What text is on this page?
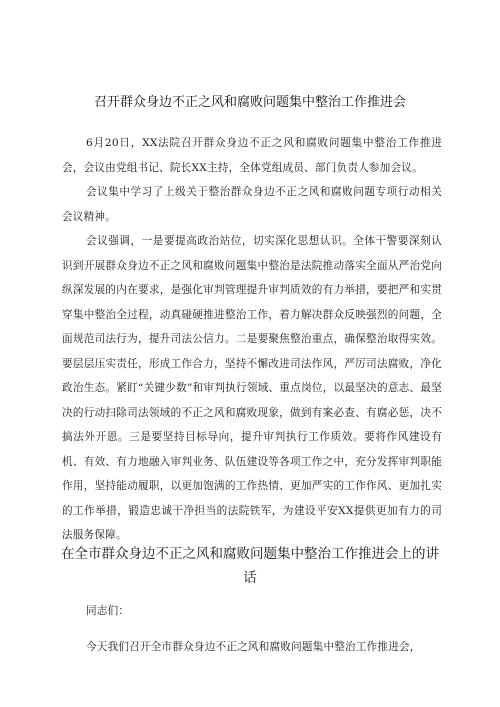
召开群众身边不正之风和腐败问题集中整治工作推进会

6月20日，XX法院召开群众身边不正之风和腐败问题集中整治工作推进会，会议由党组书记、院长XX主持，全体党组成员、部门负责人参加会议。

会议集中学习了上级关于整治群众身边不正之风和腐败问题专项行动相关会议精神。

会议强调，一是要提高政治站位，切实深化思想认识。全体干警要深刻认识到开展群众身边不正之风和腐败问题集中整治是法院推动落实全面从严治党向纵深发展的内在要求，是强化审判管理提升审判质效的有力举措，要把严和实贯穿集中整治全过程，动真碰硬推进整治工作，着力解决群众反映强烈的问题，全面规范司法行为，提升司法公信力。二是要聚焦整治重点，确保整治取得实效。要层层压实责任，形成工作合力，坚持不懈改进司法作风，严厉司法腐败，净化政治生态。紧盯“关键少数”和审判执行领域、重点岗位，以最坚决的意志、最坚决的行动扫除司法领域的不正之风和腐败现象，做到有案必查、有腐必惩，决不搞法外开恩。三是要坚持目标导向，提升审判执行工作质效。要将作风建设有机、有效、有力地融入审判业务、队伍建设等各项工作之中，充分发挥审判职能作用，坚持能动履职，以更加饱满的工作热情、更加严实的工作作风、更加扎实的工作举措，锻造忠诚干净担当的法院铁军，为建设平安XX提供更加有力的司法服务保障。

在全市群众身边不正之风和腐败问题集中整治工作推进会上的讲话

同志们：

今天我们召开全市群众身边不正之风和腐败问题集中整治工作推进会，
